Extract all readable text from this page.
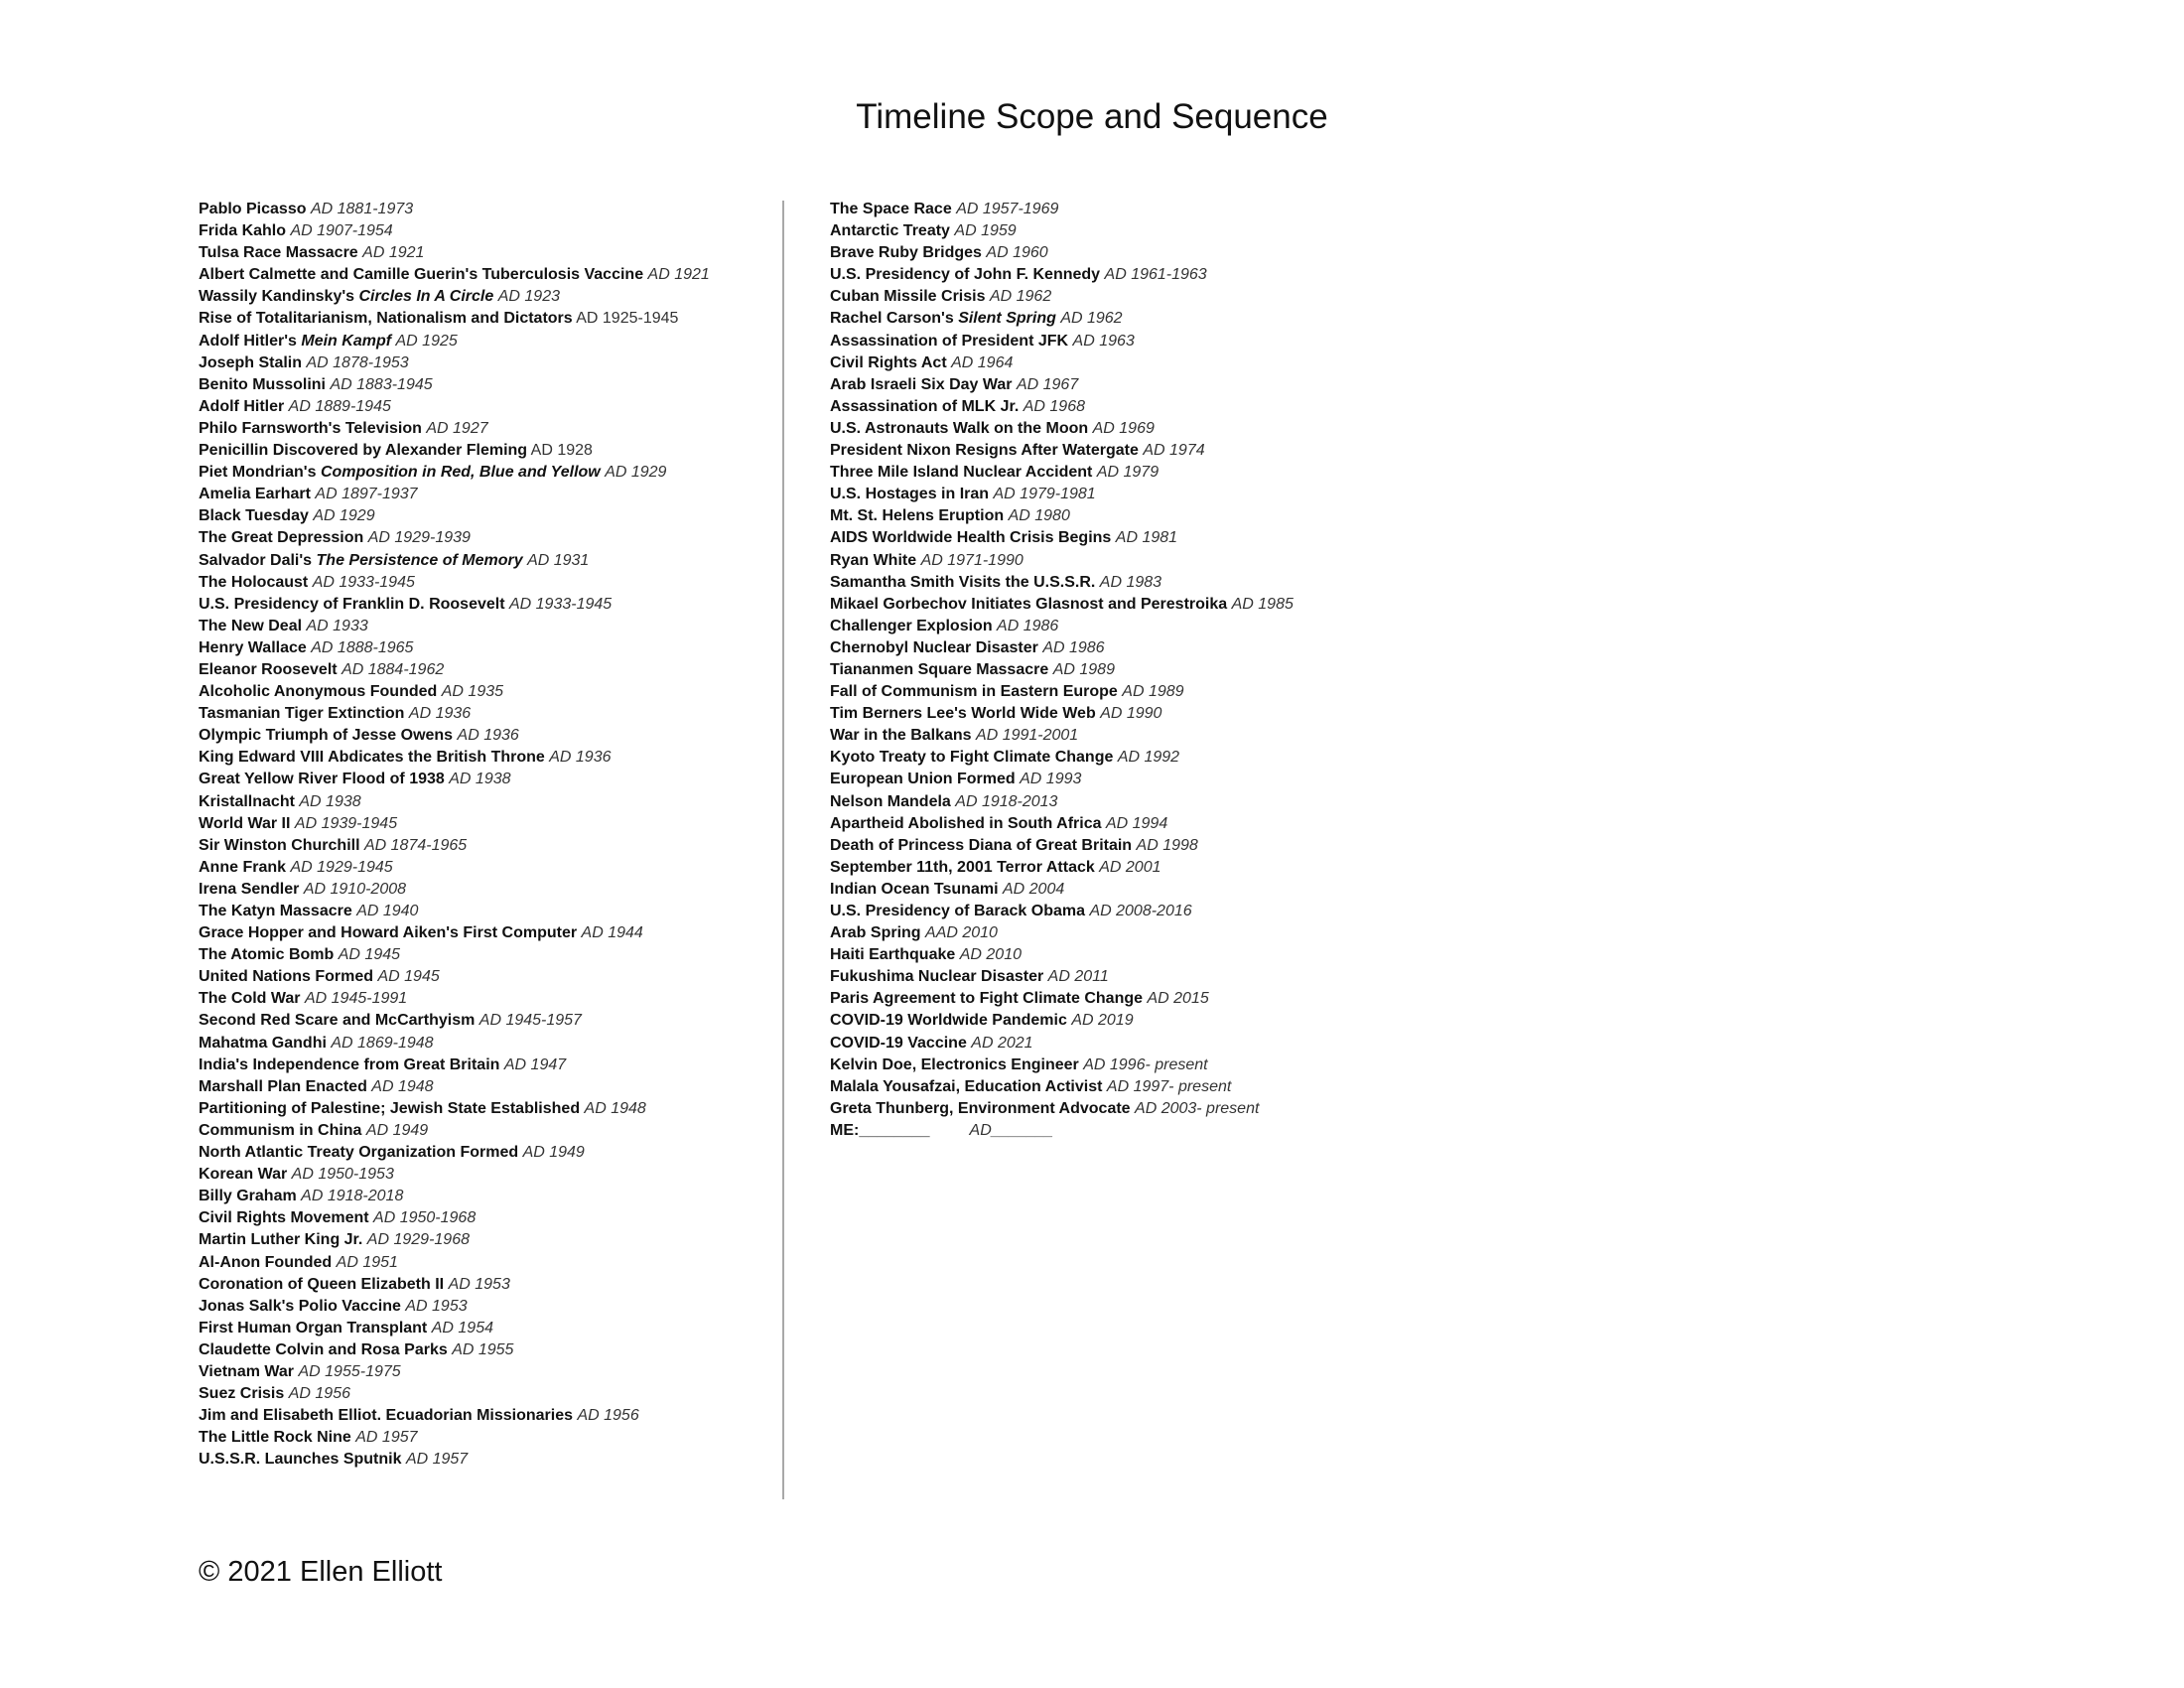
Timeline Scope and Sequence
Pablo Picasso AD 1881-1973
Frida Kahlo AD 1907-1954
Tulsa Race Massacre AD 1921
Albert Calmette and Camille Guerin's Tuberculosis Vaccine AD 1921
Wassily Kandinsky's Circles In A Circle AD 1923
Rise of Totalitarianism, Nationalism and Dictators AD 1925-1945
Adolf Hitler's Mein Kampf AD 1925
Joseph Stalin AD 1878-1953
Benito Mussolini AD 1883-1945
Adolf Hitler AD 1889-1945
Philo Farnsworth's Television AD 1927
Penicillin Discovered by Alexander Fleming AD 1928
Piet Mondrian's Composition in Red, Blue and Yellow AD 1929
Amelia Earhart AD 1897-1937
Black Tuesday AD 1929
The Great Depression AD 1929-1939
Salvador Dali's The Persistence of Memory AD 1931
The Holocaust AD 1933-1945
U.S. Presidency of Franklin D. Roosevelt AD 1933-1945
The New Deal AD 1933
Henry Wallace AD 1888-1965
Eleanor Roosevelt AD 1884-1962
Alcoholic Anonymous Founded AD 1935
Tasmanian Tiger Extinction AD 1936
Olympic Triumph of Jesse Owens AD 1936
King Edward VIII Abdicates the British Throne AD 1936
Great Yellow River Flood of 1938 AD 1938
Kristallnacht AD 1938
World War II AD 1939-1945
Sir Winston Churchill AD 1874-1965
Anne Frank AD 1929-1945
Irena Sendler AD 1910-2008
The Katyn Massacre AD 1940
Grace Hopper and Howard Aiken's First Computer AD 1944
The Atomic Bomb AD 1945
United Nations Formed AD 1945
The Cold War AD 1945-1991
Second Red Scare and McCarthyism AD 1945-1957
Mahatma Gandhi AD 1869-1948
India's Independence from Great Britain AD 1947
Marshall Plan Enacted AD 1948
Partitioning of Palestine; Jewish State Established AD 1948
Communism in China AD 1949
North Atlantic Treaty Organization Formed AD 1949
Korean War AD 1950-1953
Billy Graham AD 1918-2018
Civil Rights Movement AD 1950-1968
Martin Luther King Jr. AD 1929-1968
Al-Anon Founded AD 1951
Coronation of Queen Elizabeth II AD 1953
Jonas Salk's Polio Vaccine AD 1953
First Human Organ Transplant AD 1954
Claudette Colvin and Rosa Parks AD 1955
Vietnam War AD 1955-1975
Suez Crisis AD 1956
Jim and Elisabeth Elliot. Ecuadorian Missionaries AD 1956
The Little Rock Nine AD 1957
U.S.S.R. Launches Sputnik AD 1957
The Space Race AD 1957-1969
Antarctic Treaty AD 1959
Brave Ruby Bridges AD 1960
U.S. Presidency of John F. Kennedy AD 1961-1963
Cuban Missile Crisis AD 1962
Rachel Carson's Silent Spring AD 1962
Assassination of President JFK AD 1963
Civil Rights Act AD 1964
Arab Israeli Six Day War AD 1967
Assassination of MLK Jr. AD 1968
U.S. Astronauts Walk on the Moon AD 1969
President Nixon Resigns After Watergate AD 1974
Three Mile Island Nuclear Accident AD 1979
U.S. Hostages in Iran AD 1979-1981
Mt. St. Helens Eruption AD 1980
AIDS Worldwide Health Crisis Begins AD 1981
Ryan White AD 1971-1990
Samantha Smith Visits the U.S.S.R. AD 1983
Mikael Gorbechov Initiates Glasnost and Perestroika AD 1985
Challenger Explosion AD 1986
Chernobyl Nuclear Disaster AD 1986
Tiananmen Square Massacre AD 1989
Fall of Communism in Eastern Europe AD 1989
Tim Berners Lee's World Wide Web AD 1990
War in the Balkans AD 1991-2001
Kyoto Treaty to Fight Climate Change AD 1992
European Union Formed AD 1993
Nelson Mandela AD 1918-2013
Apartheid Abolished in South Africa AD 1994
Death of Princess Diana of Great Britain AD 1998
September 11th, 2001 Terror Attack AD 2001
Indian Ocean Tsunami AD 2004
U.S. Presidency of Barack Obama AD 2008-2016
Arab Spring AAD 2010
Haiti Earthquake AD 2010
Fukushima Nuclear Disaster AD 2011
Paris Agreement to Fight Climate Change AD 2015
COVID-19 Worldwide Pandemic AD 2019
COVID-19 Vaccine AD 2021
Kelvin Doe, Electronics Engineer AD 1996- present
Malala Yousafzai, Education Activist AD 1997- present
Greta Thunberg, Environment Advocate AD 2003- present
ME:________	AD_______
© 2021 Ellen Elliott
